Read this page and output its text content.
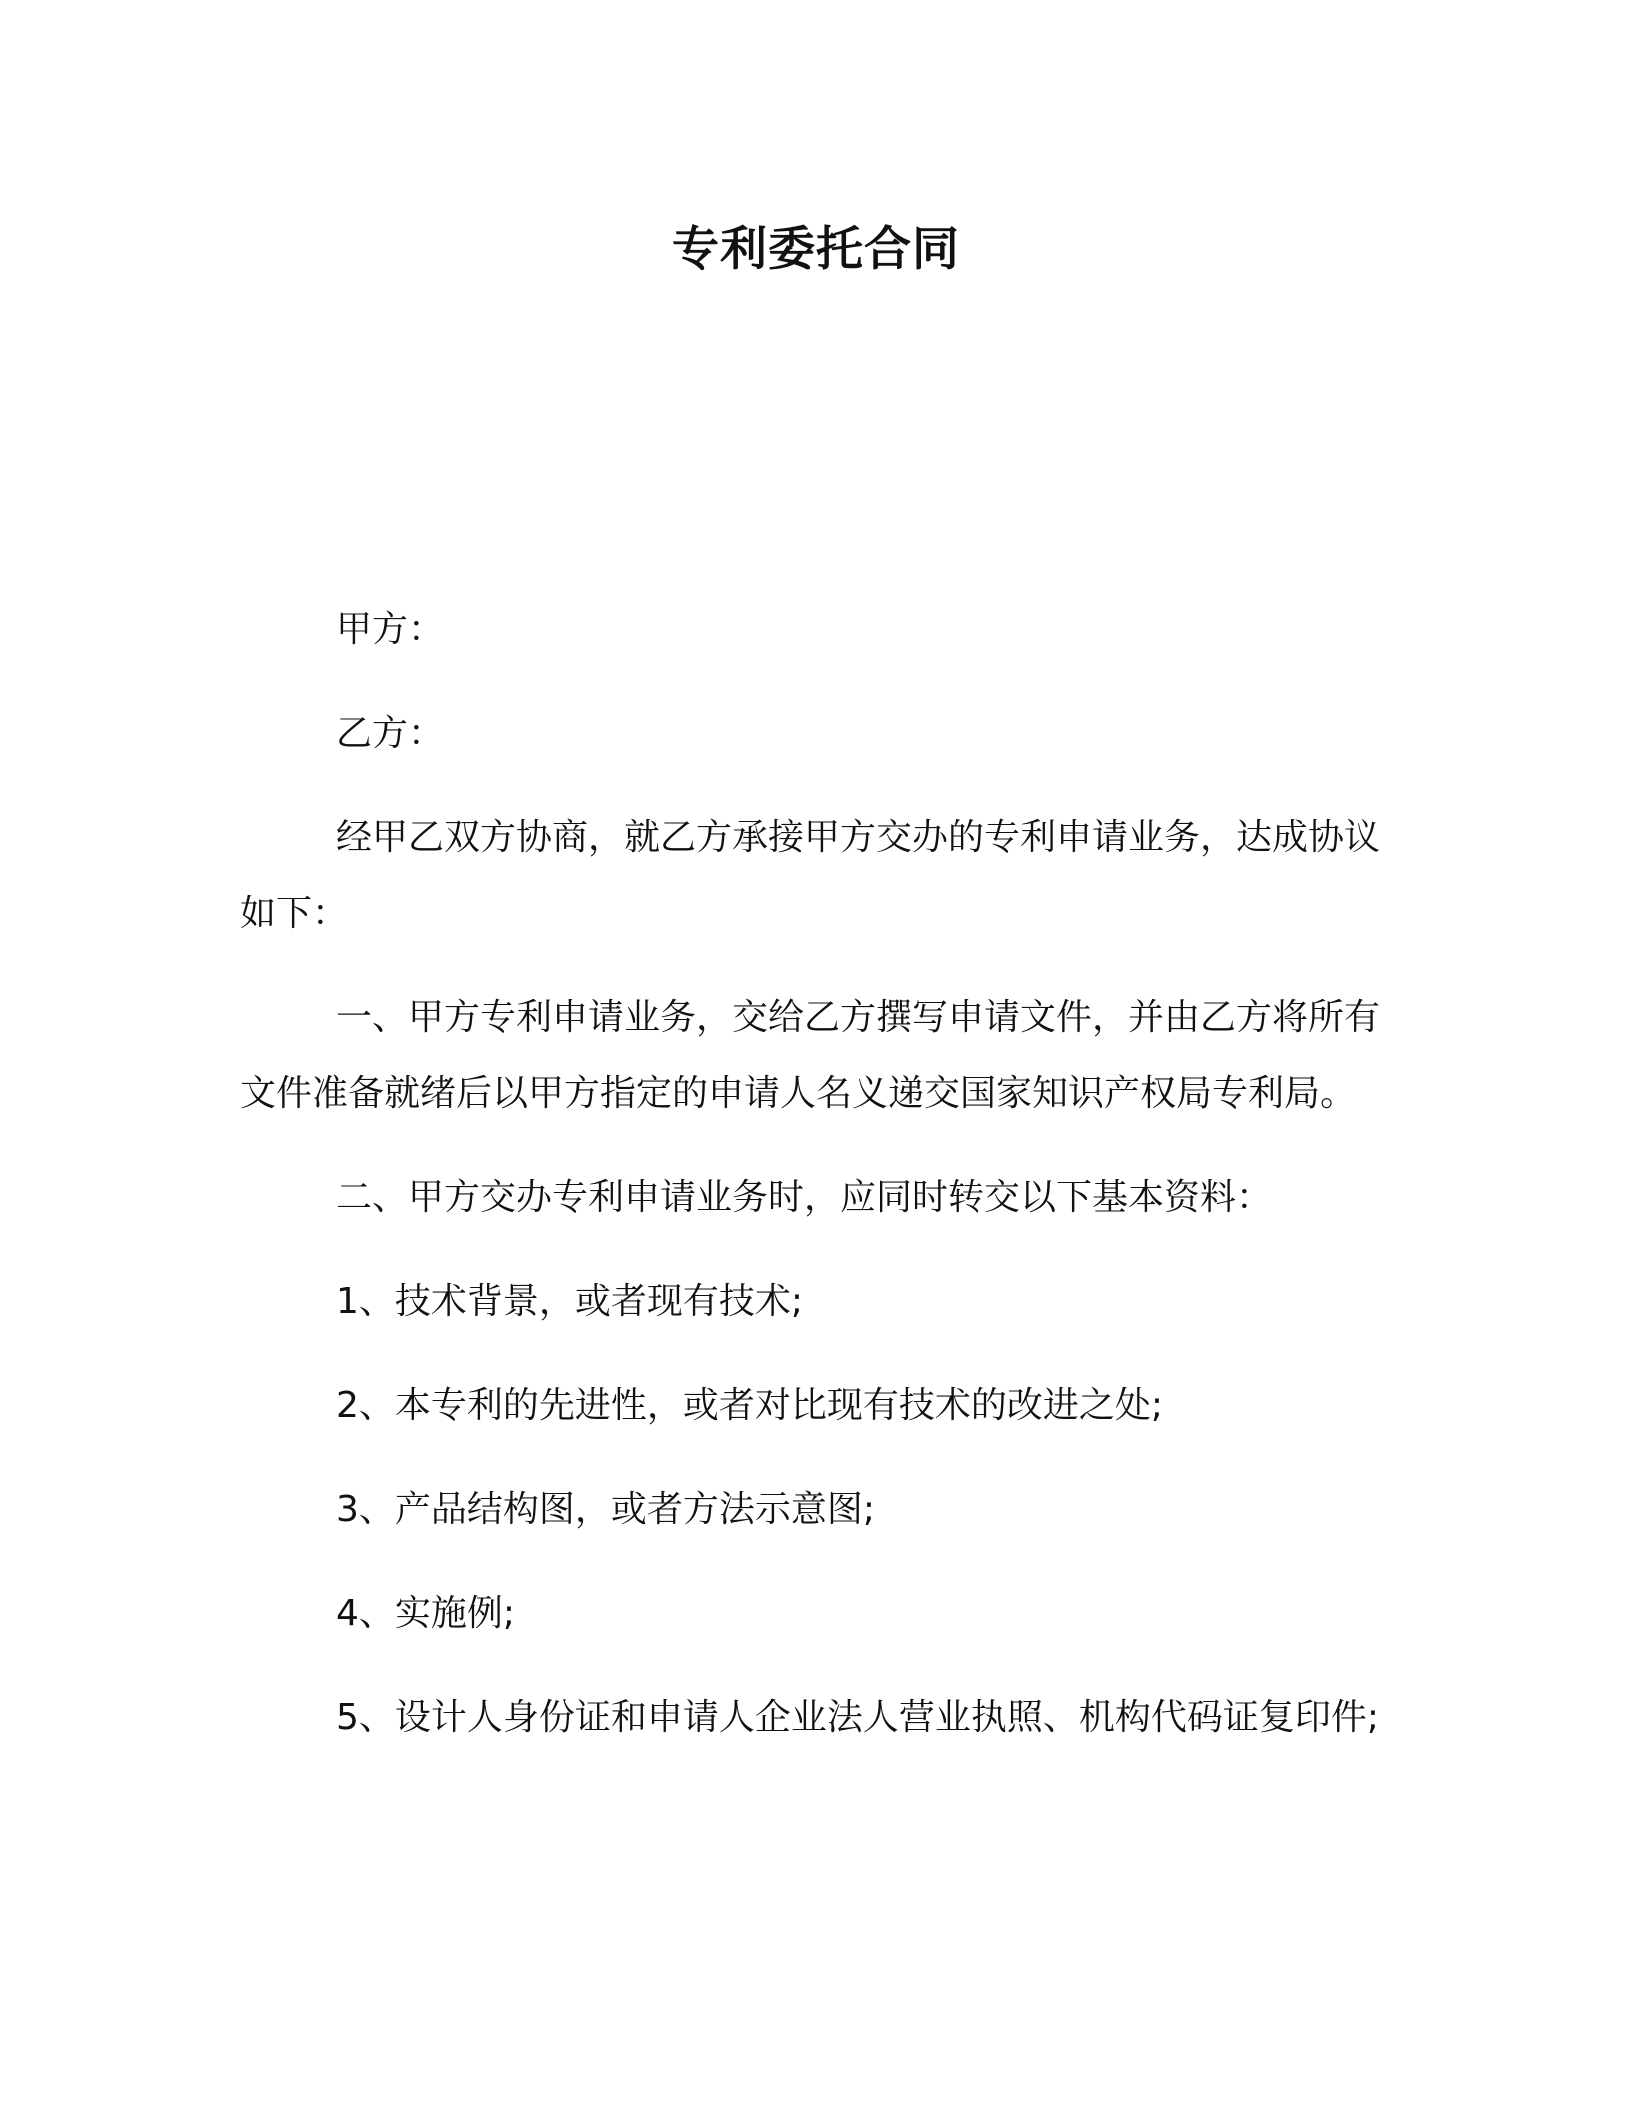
专利委托合同

甲方：

乙方：

经甲乙双方协商，就乙方承接甲方交办的专利申请业务，达成协议如下：

一、甲方专利申请业务，交给乙方撰写申请文件，并由乙方将所有文件准备就绪后以甲方指定的申请人名义递交国家知识产权局专利局。

二、甲方交办专利申请业务时，应同时转交以下基本资料：

1、技术背景，或者现有技术;

2、本专利的先进性，或者对比现有技术的改进之处;

3、产品结构图，或者方法示意图;

4、实施例;

5、设计人身份证和申请人企业法人营业执照、机构代码证复印件;
